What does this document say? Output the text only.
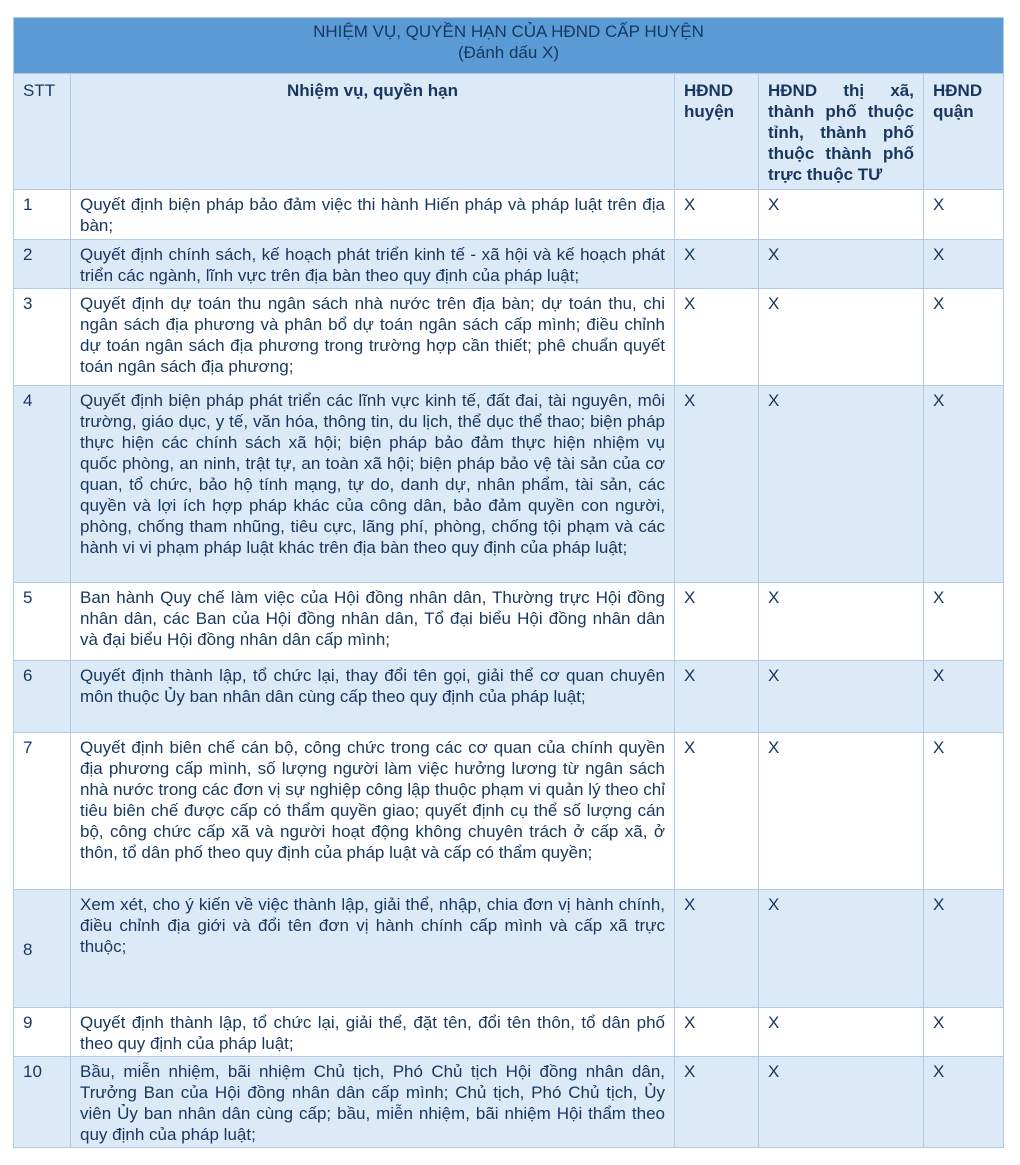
NHIỆM VỤ, QUYỀN HẠN CỦA HĐND CẤP HUYỆN
(Đánh dấu X)				

STT	Nhiệm vụ, quyền hạn	HĐND huyện	HĐND thị xã, thành phố thuộc tỉnh, thành phố thuộc thành phố trực thuộc TƯ	HĐND quận
1	Quyết định biện pháp bảo đảm việc thi hành Hiến pháp và pháp luật trên địa bàn;	X	X	X
2	Quyết định chính sách, kế hoạch phát triển kinh tế - xã hội và kế hoạch phát triển các ngành, lĩnh vực trên địa bàn theo quy định của pháp luật;	X	X	X
3	Quyết định dự toán thu ngân sách nhà nước trên địa bàn; dự toán thu, chi ngân sách địa phương và phân bổ dự toán ngân sách cấp mình; điều chỉnh dự toán ngân sách địa phương trong trường hợp cần thiết; phê chuẩn quyết toán ngân sách địa phương;	X	X	X
4	Quyết định biện pháp phát triển các lĩnh vực kinh tế, đất đai, tài nguyên, môi trường, giáo dục, y tế, văn hóa, thông tin, du lịch, thể dục thể thao; biện pháp thực hiện các chính sách xã hội; biện pháp bảo đảm thực hiện nhiệm vụ quốc phòng, an ninh, trật tự, an toàn xã hội; biện pháp bảo vệ tài sản của cơ quan, tổ chức, bảo hộ tính mạng, tự do, danh dự, nhân phẩm, tài sản, các quyền và lợi ích hợp pháp khác của công dân, bảo đảm quyền con người, phòng, chống tham nhũng, tiêu cực, lãng phí, phòng, chống tội phạm và các hành vi vi phạm pháp luật khác trên địa bàn theo quy định của pháp luật;	X	X	X
5	Ban hành Quy chế làm việc của Hội đồng nhân dân, Thường trực Hội đồng nhân dân, các Ban của Hội đồng nhân dân, Tổ đại biểu Hội đồng nhân dân và đại biểu Hội đồng nhân dân cấp mình;	X	X	X
6	Quyết định thành lập, tổ chức lại, thay đổi tên gọi, giải thể cơ quan chuyên môn thuộc Ủy ban nhân dân cùng cấp theo quy định của pháp luật;	X	X	X
7	Quyết định biên chế cán bộ, công chức trong các cơ quan của chính quyền địa phương cấp mình, số lượng người làm việc hưởng lương từ ngân sách nhà nước trong các đơn vị sự nghiệp công lập thuộc phạm vi quản lý theo chỉ tiêu biên chế được cấp có thẩm quyền giao; quyết định cụ thể số lượng cán bộ, công chức cấp xã và người hoạt động không chuyên trách ở cấp xã, ở thôn, tổ dân phố theo quy định của pháp luật và cấp có thẩm quyền;	X	X	X
8	Xem xét, cho ý kiến về việc thành lập, giải thể, nhập, chia đơn vị hành chính, điều chỉnh địa giới và đổi tên đơn vị hành chính cấp mình và cấp xã trực thuộc;	X	X	X
9	Quyết định thành lập, tổ chức lại, giải thể, đặt tên, đổi tên thôn, tổ dân phố theo quy định của pháp luật;	X	X	X
10	Bầu, miễn nhiệm, bãi nhiệm Chủ tịch, Phó Chủ tịch Hội đồng nhân dân, Trưởng Ban của Hội đồng nhân dân cấp mình; Chủ tịch, Phó Chủ tịch, Ủy viên Ủy ban nhân dân cùng cấp; bầu, miễn nhiệm, bãi nhiệm Hội thẩm theo quy định của pháp luật;	X	X	X
